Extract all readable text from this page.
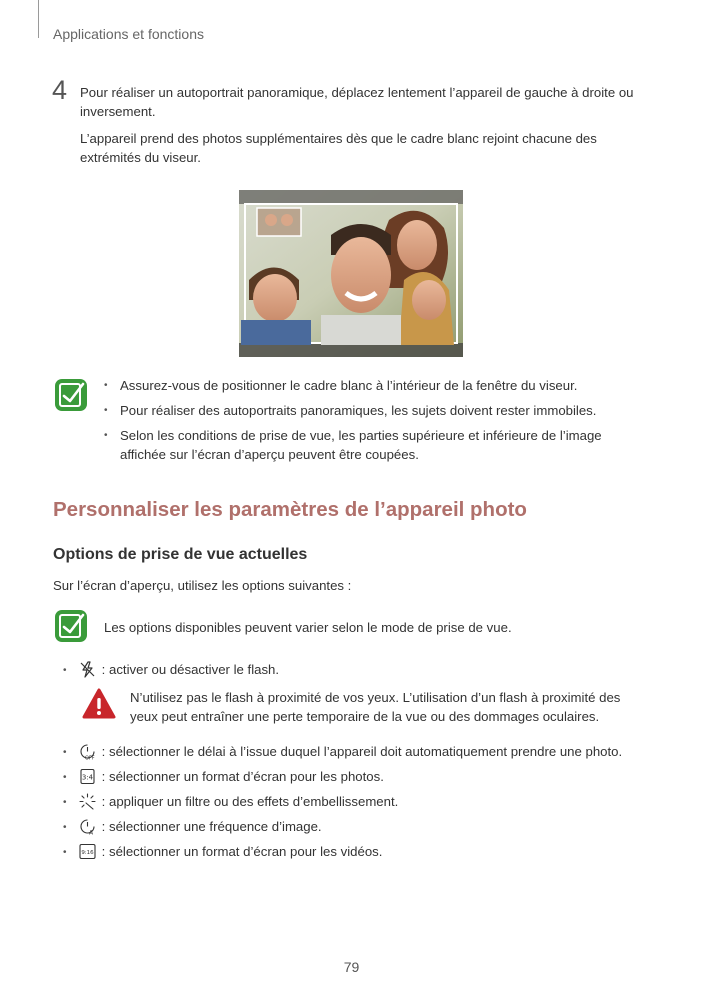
Applications et fonctions
4 Pour réaliser un autoportrait panoramique, déplacez lentement l’appareil de gauche à droite ou inversement.

L’appareil prend des photos supplémentaires dès que le cadre blanc rejoint chacune des extrémités du viseur.

• Assurez-vous de positionner le cadre blanc à l’intérieur de la fenêtre du viseur.
• Pour réaliser des autoportraits panoramiques, les sujets doivent rester immobiles.
• Selon les conditions de prise de vue, les parties supérieure et inférieure de l’image affichée sur l’écran d’aperçu peuvent être coupées.
Personnaliser les paramètres de l’appareil photo
Options de prise de vue actuelles

Sur l’écran d’aperçu, utilisez les options suivantes :

Les options disponibles peuvent varier selon le mode de prise de vue.

• : activer ou désactiver le flash.

N’utilisez pas le flash à proximité de vos yeux. L’utilisation d’un flash à proximité des yeux peut entraîner une perte temporaire de la vue ou des dommages oculaires.

•
OFF : sélectionner le délai à l’issue duquel l’appareil doit automatiquement prendre une photo.
• 3:4 : sélectionner un format d’écran pour les photos.
• : appliquer un filtre ou des effets d’embellissement.
•	A : sélectionner une fréquence d’image.
•	9:16 : sélectionner un format d’écran pour les vidéos.
79
